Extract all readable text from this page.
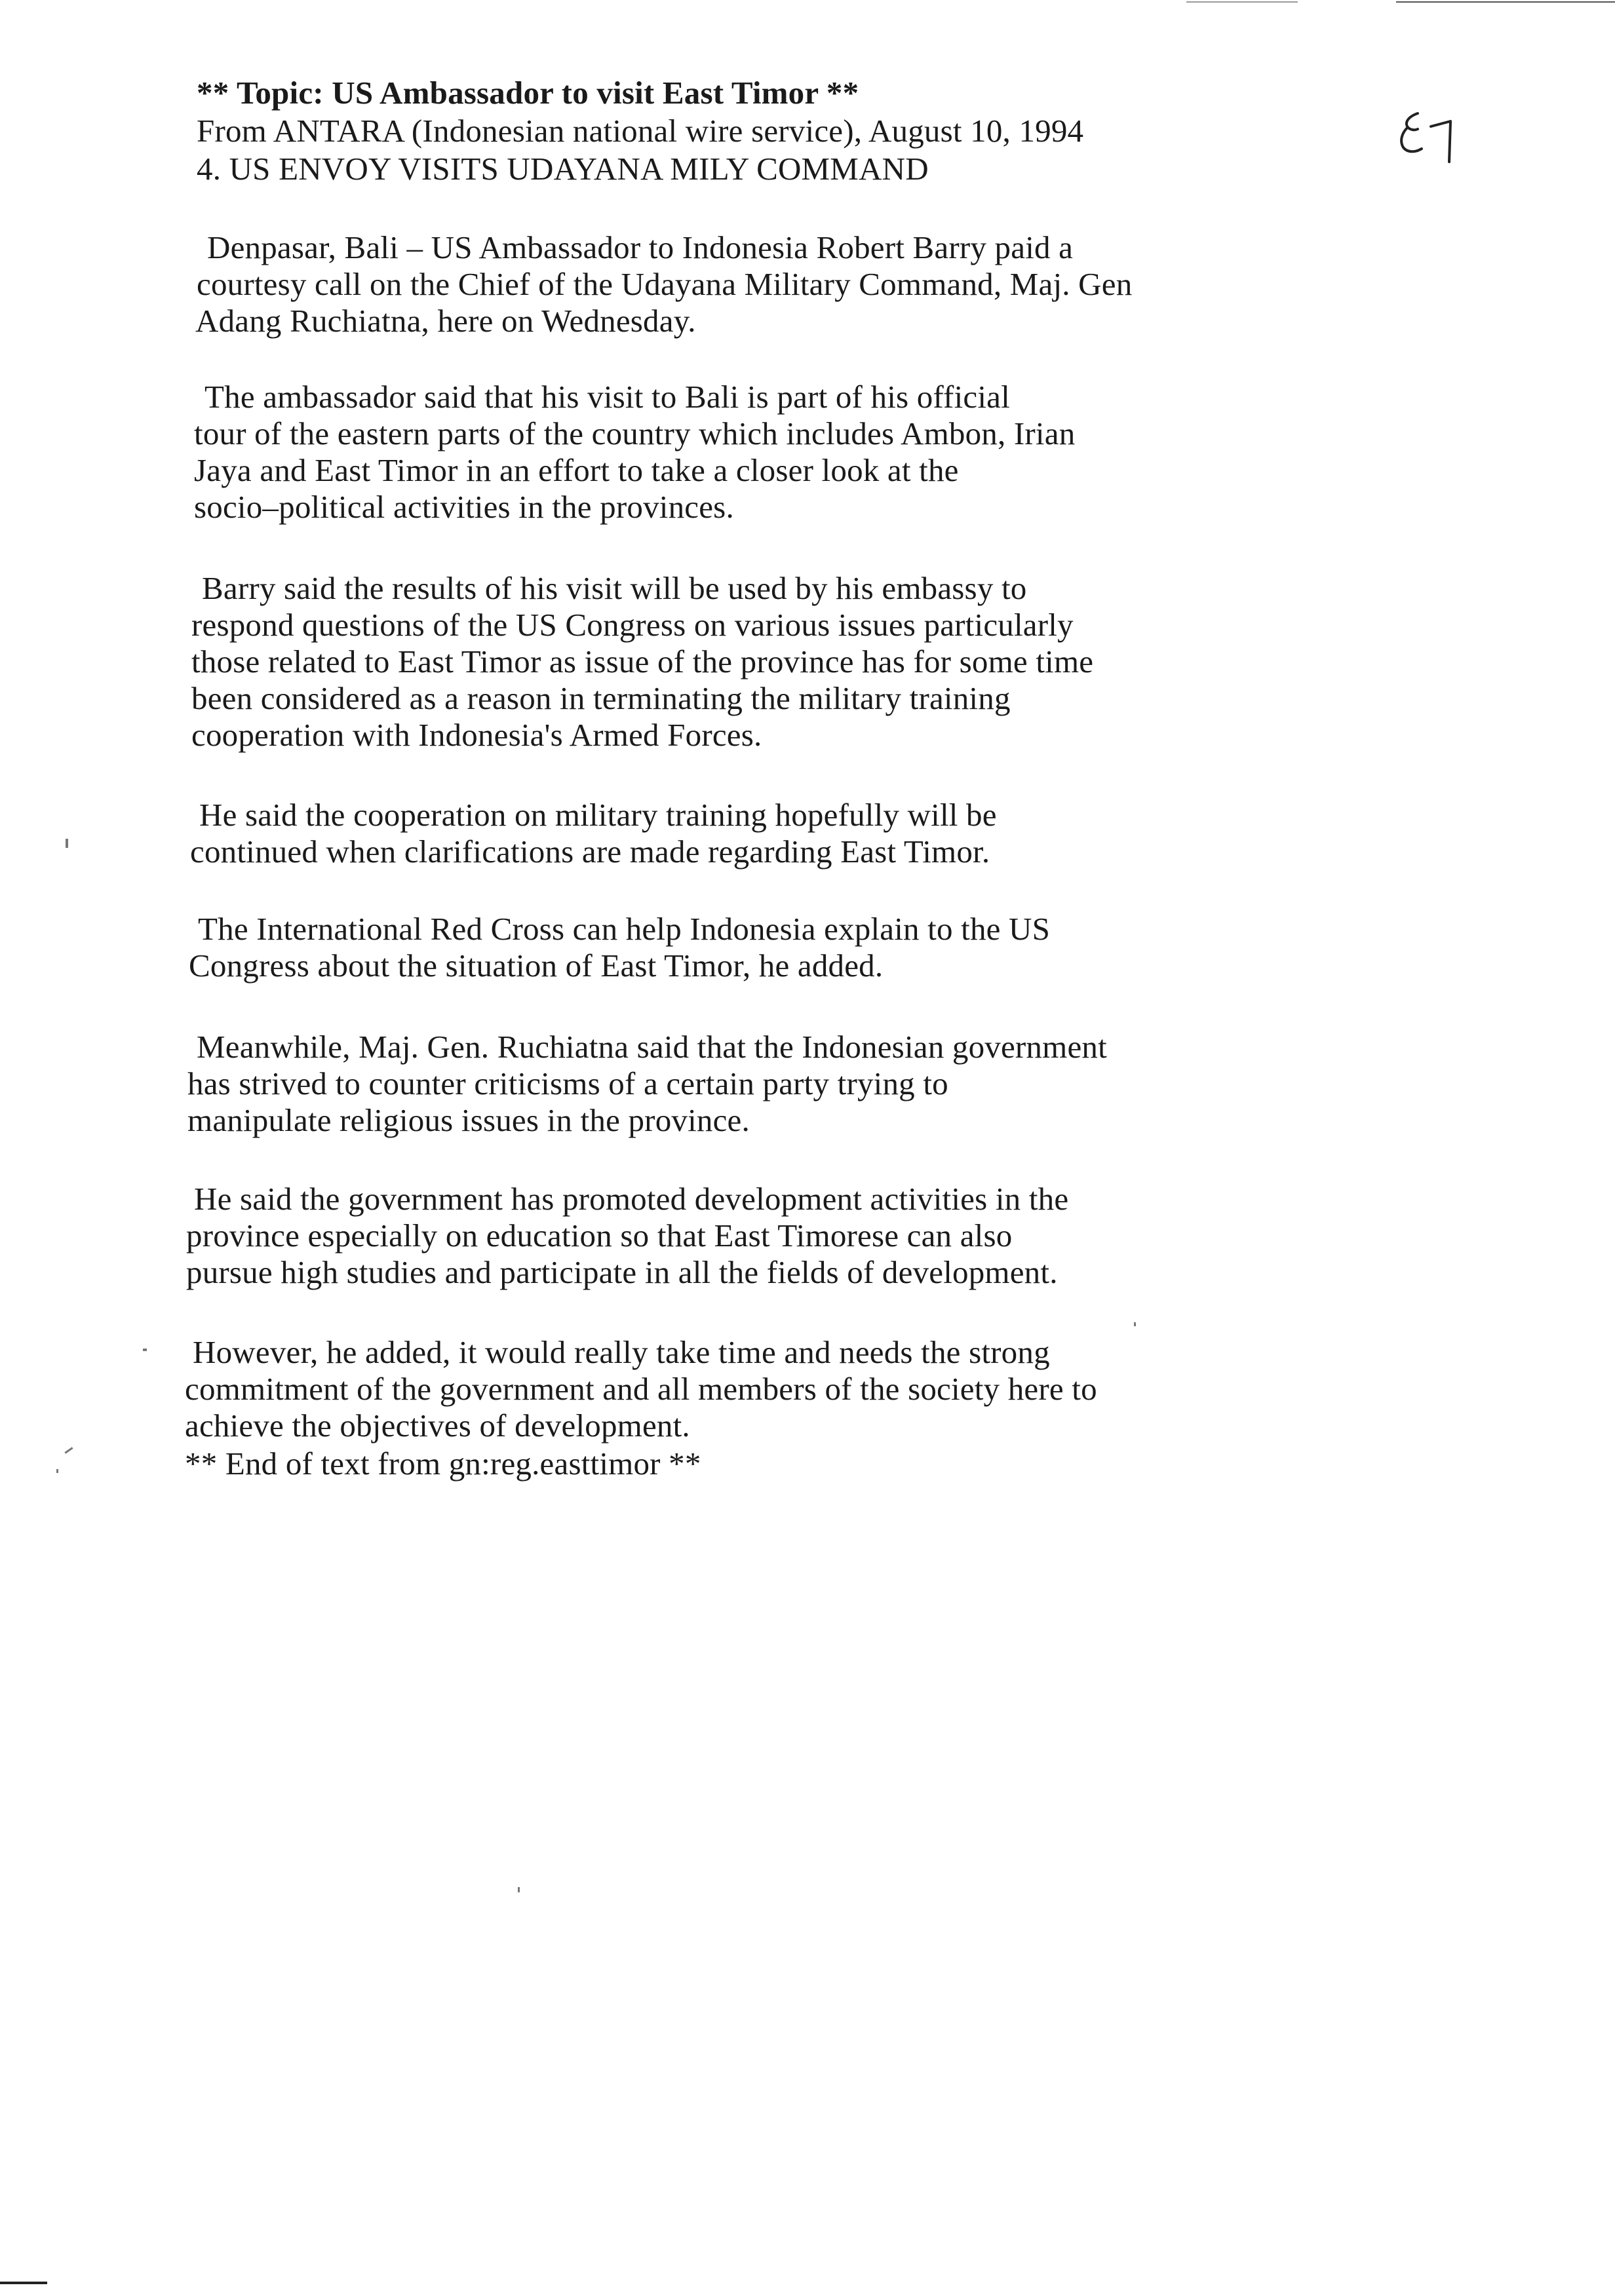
** Topic: US Ambassador to visit East Timor **
From ANTARA (Indonesian national wire service), August 10, 1994
4. US ENVOY VISITS UDAYANA MILY COMMAND
Denpasar, Bali – US Ambassador to Indonesia Robert Barry paid a
courtesy call on the Chief of the Udayana Military Command, Maj. Gen
Adang Ruchiatna, here on Wednesday.
The ambassador said that his visit to Bali is part of his official
tour of the eastern parts of the country which includes Ambon, Irian
Jaya and East Timor in an effort to take a closer look at the
socio–political activities in the provinces.
Barry said the results of his visit will be used by his embassy to
respond questions of the US Congress on various issues particularly
those related to East Timor as issue of the province has for some time
been considered as a reason in terminating the military training
cooperation with Indonesia's Armed Forces.
He said the cooperation on military training hopefully will be
continued when clarifications are made regarding East Timor.
The International Red Cross can help Indonesia explain to the US
Congress about the situation of East Timor, he added.
Meanwhile, Maj. Gen. Ruchiatna said that the Indonesian government
has strived to counter criticisms of a certain party trying to
manipulate religious issues in the province.
He said the government has promoted development activities in the
province especially on education so that East Timorese can also
pursue high studies and participate in all the fields of development.
However, he added, it would really take time and needs the strong
commitment of the government and all members of the society here to
achieve the objectives of development.
** End of text from gn:reg.easttimor **
